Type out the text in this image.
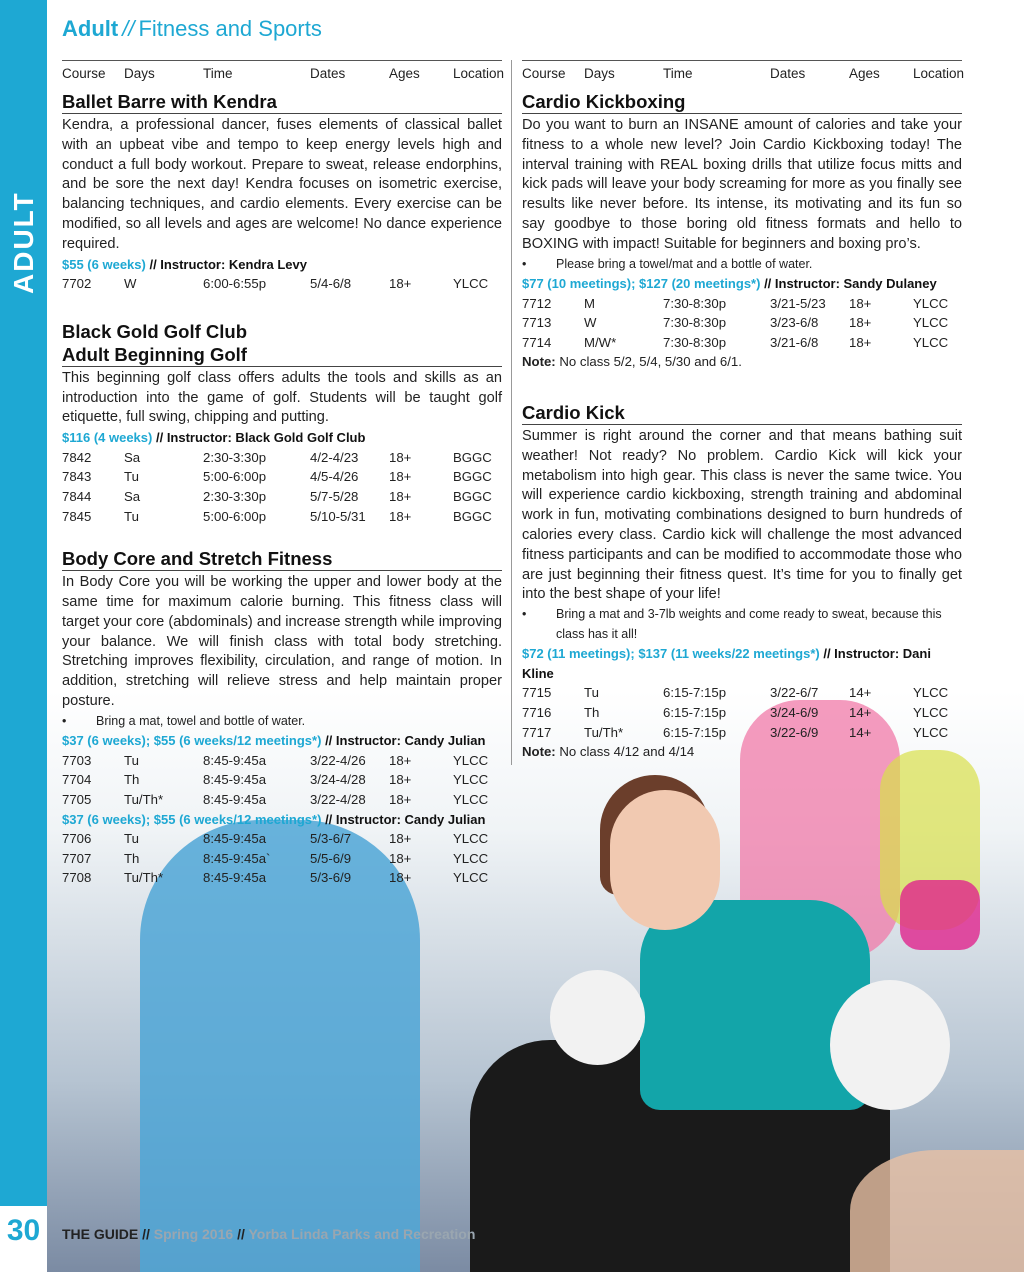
ADULT
30
Adult // Fitness and Sports
Course	Days	Time	Dates	Ages	Location
Ballet Barre with Kendra

Kendra, a professional dancer, fuses elements of classical ballet with an upbeat vibe and tempo to keep energy levels high and conduct a full body workout. Prepare to sweat, release endorphins, and be sore the next day! Kendra focuses on isometric exercise, balancing techniques, and cardio elements. Every exercise can be modified, so all levels and ages are welcome! No dance experience required.

$55 (6 weeks) // Instructor: Kendra Levy
7702	W	6:00-6:55p	5/4-6/8	18+	YLCC
Black Gold Golf Club
Adult Beginning Golf

This beginning golf class offers adults the tools and skills as an introduction into the game of golf. Students will be taught golf etiquette, full swing, chipping and putting.

$116 (4 weeks) // Instructor: Black Gold Golf Club
7842	Sa	2:30-3:30p	4/2-4/23	18+	BGGC
7843	Tu	5:00-6:00p	4/5-4/26	18+	BGGC
7844	Sa	2:30-3:30p	5/7-5/28	18+	BGGC
7845	Tu	5:00-6:00p	5/10-5/31	18+	BGGC
Body Core and Stretch Fitness

In Body Core you will be working the upper and lower body at the same time for maximum calorie burning. This fitness class will target your core (abdominals) and increase strength while improving your balance. We will finish class with total body stretching. Stretching improves flexibility, circulation, and range of motion. In addition, stretching will relieve stress and help maintain proper posture.

•	Bring a mat, towel and bottle of water.
$37 (6 weeks); $55 (6 weeks/12 meetings*) // Instructor: Candy Julian
7703	Tu	8:45-9:45a	3/22-4/26	18+	YLCC
7704	Th	8:45-9:45a	3/24-4/28	18+	YLCC
7705	Tu/Th*	8:45-9:45a	3/22-4/28	18+	YLCC
$37 (6 weeks); $55 (6 weeks/12 meetings*) // Instructor: Candy Julian
7706	Tu	8:45-9:45a	5/3-6/7	18+	YLCC
7707	Th	8:45-9:45a`	5/5-6/9	18+	YLCC
7708	Tu/Th*	8:45-9:45a	5/3-6/9	18+	YLCC
Course	Days	Time	Dates	Ages	Location
Cardio Kickboxing

Do you want to burn an INSANE amount of calories and take your fitness to a whole new level? Join Cardio Kickboxing today! The interval training with REAL boxing drills that utilize focus mitts and kick pads will leave your body screaming for more as you finally see results like never before. Its intense, its motivating and its fun so say goodbye to those boring old fitness formats and hello to BOXING with impact! Suitable for beginners and boxing pro’s.

•	Please bring a towel/mat and a bottle of water.
$77 (10 meetings); $127 (20 meetings*) // Instructor: Sandy Dulaney
7712	M	7:30-8:30p	3/21-5/23	18+	YLCC
7713	W	7:30-8:30p	3/23-6/8	18+	YLCC
7714	M/W*	7:30-8:30p	3/21-6/8	18+	YLCC
Note: No class 5/2, 5/4, 5/30 and 6/1.
Cardio Kick

Summer is right around the corner and that means bathing suit weather! Not ready? No problem. Cardio Kick will kick your metabolism into high gear. This class is never the same twice. You will experience cardio kickboxing, strength training and abdominal work in fun, motivating combinations designed to burn hundreds of calories every class. Cardio kick will challenge the most advanced fitness participants and can be modified to accommodate those who are just beginning their fitness quest. It’s time for you to finally get into the best shape of your life!

•	Bring a mat and 3-7lb weights and come ready to sweat, because this class has it all!
$72 (11 meetings); $137 (11 weeks/22 meetings*) // Instructor: Dani Kline
7715	Tu	6:15-7:15p	3/22-6/7	14+	YLCC
7716	Th	6:15-7:15p	3/24-6/9	14+	YLCC
7717	Tu/Th*	6:15-7:15p	3/22-6/9	14+	YLCC
Note: No class 4/12 and 4/14
THE GUIDE // Spring 2016 // Yorba Linda Parks and Recreation
